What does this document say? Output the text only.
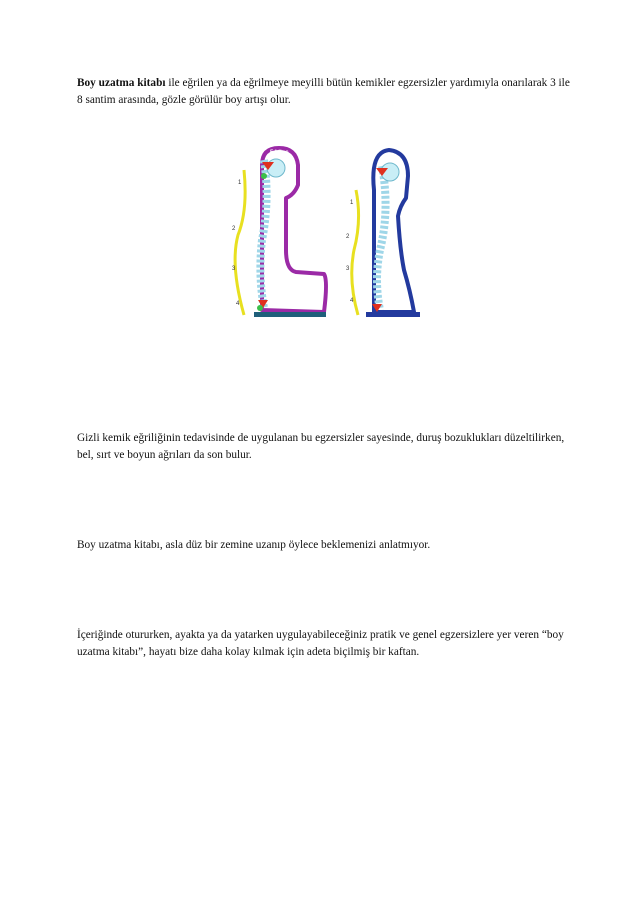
Boy uzatma kitabı ile eğrilen ya da eğrilmeye meyilli bütün kemikler egzersizler yardımıyla onarılarak 3 ile 8 santim arasında, gözle görülür boy artışı olur.

5 kilos
1
2
3
4
5 kilos
1
2
3
4

Gizli kemik eğriliğinin tedavisinde de uygulanan bu egzersizler sayesinde, duruş bozuklukları düzeltilirken, bel, sırt ve boyun ağrıları da son bulur.

Boy uzatma kitabı, asla düz bir zemine uzanıp öylece beklemenizi anlatmıyor.

İçeriğinde otururken, ayakta ya da yatarken uygulayabileceğiniz pratik ve genel egzersizlere yer veren “boy uzatma kitabı”, hayatı bize daha kolay kılmak için adeta biçilmiş bir kaftan.
